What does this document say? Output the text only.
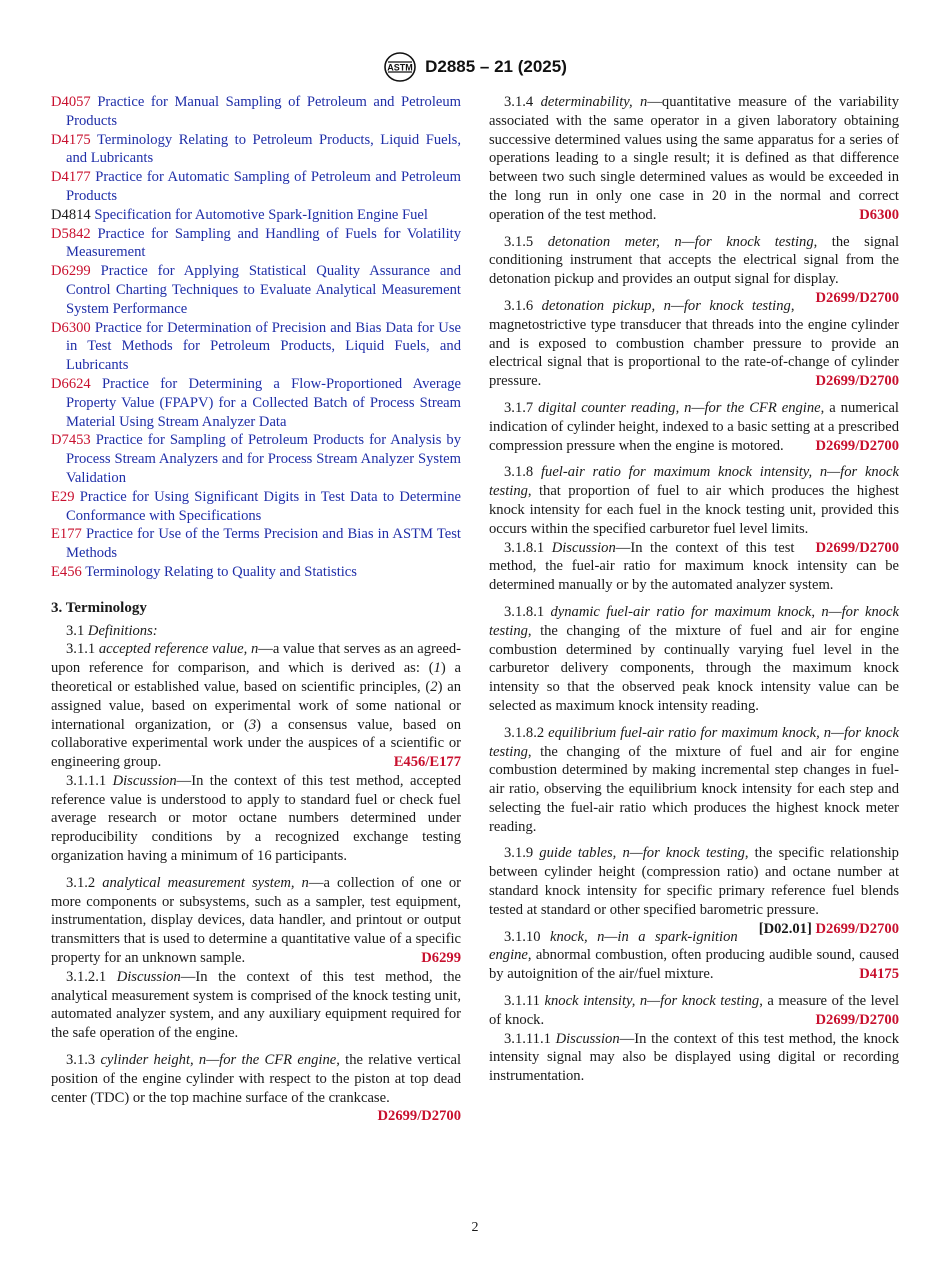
ASTM D2885 – 21 (2025)
D4057 Practice for Manual Sampling of Petroleum and Petroleum Products
D4175 Terminology Relating to Petroleum Products, Liquid Fuels, and Lubricants
D4177 Practice for Automatic Sampling of Petroleum and Petroleum Products
D4814 Specification for Automotive Spark-Ignition Engine Fuel
D5842 Practice for Sampling and Handling of Fuels for Volatility Measurement
D6299 Practice for Applying Statistical Quality Assurance and Control Charting Techniques to Evaluate Analytical Measurement System Performance
D6300 Practice for Determination of Precision and Bias Data for Use in Test Methods for Petroleum Products, Liquid Fuels, and Lubricants
D6624 Practice for Determining a Flow-Proportioned Average Property Value (FPAPV) for a Collected Batch of Process Stream Material Using Stream Analyzer Data
D7453 Practice for Sampling of Petroleum Products for Analysis by Process Stream Analyzers and for Process Stream Analyzer System Validation
E29 Practice for Using Significant Digits in Test Data to Determine Conformance with Specifications
E177 Practice for Use of the Terms Precision and Bias in ASTM Test Methods
E456 Terminology Relating to Quality and Statistics
3. Terminology

3.1 Definitions:

3.1.1 accepted reference value, n—a value that serves as an agreed-upon reference for comparison, and which is derived as: (1) a theoretical or established value, based on scientific principles, (2) an assigned value, based on experimental work of some national or international organization, or (3) a consensus value, based on collaborative experimental work under the auspices of a scientific or engineering group.	E456/E177

3.1.1.1 Discussion—In the context of this test method, accepted reference value is understood to apply to standard fuel or check fuel average research or motor octane numbers determined under reproducibility conditions by a recognized exchange testing organization having a minimum of 16 participants.

3.1.2 analytical measurement system, n—a collection of one or more components or subsystems, such as a sampler, test equipment, instrumentation, display devices, data handler, and printout or output transmitters that is used to determine a quantitative value of a specific property for an unknown sample.	D6299

3.1.2.1 Discussion—In the context of this test method, the analytical measurement system is comprised of the knock testing unit, automated analyzer system, and any auxiliary equipment required for the safe operation of the engine.

3.1.3 cylinder height, n—for the CFR engine, the relative vertical position of the engine cylinder with respect to the piston at top dead center (TDC) or the top machine surface of the crankcase.
D2699/D2700

3.1.4 determinability, n—quantitative measure of the variability associated with the same operator in a given laboratory obtaining successive determined values using the same apparatus for a series of operations leading to a single result; it is defined as that difference between two such single determined values as would be exceeded in the long run in only one case in 20 in the normal and correct operation of the test method.	D6300

3.1.5 detonation meter, n—for knock testing, the signal conditioning instrument that accepts the electrical signal from the detonation pickup and provides an output signal for display.
D2699/D2700

3.1.6 detonation pickup, n—for knock testing, magnetostrictive type transducer that threads into the engine cylinder and is exposed to combustion chamber pressure to provide an electrical signal that is proportional to the rate-of-change of cylinder pressure.	D2699/D2700

3.1.7 digital counter reading, n—for the CFR engine, a numerical indication of cylinder height, indexed to a basic setting at a prescribed compression pressure when the engine is motored.	D2699/D2700

3.1.8 fuel-air ratio for maximum knock intensity, n—for knock testing, that proportion of fuel to air which produces the highest knock intensity for each fuel in the knock testing unit, provided this occurs within the specified carburetor fuel level limits.
D2699/D2700

3.1.8.1 Discussion—In the context of this test method, the fuel-air ratio for maximum knock intensity can be determined manually or by the automated analyzer system.

3.1.8.1 dynamic fuel-air ratio for maximum knock, n—for knock testing, the changing of the mixture of fuel and air for engine combustion determined by continually varying fuel level in the carburetor delivery components, through the maximum knock intensity so that the observed peak knock intensity value can be selected as maximum knock intensity reading.

3.1.8.2 equilibrium fuel-air ratio for maximum knock, n—for knock testing, the changing of the mixture of fuel and air for engine combustion determined by making incremental step changes in fuel-air ratio, observing the equilibrium knock intensity for each step and selecting the fuel-air ratio which produces the highest knock meter reading.

3.1.9 guide tables, n—for knock testing, the specific relationship between cylinder height (compression ratio) and octane number at standard knock intensity for specific primary reference fuel blends tested at standard or other specified barometric pressure.
[D02.01] D2699/D2700

3.1.10 knock, n—in a spark-ignition engine, abnormal combustion, often producing audible sound, caused by autoignition of the air/fuel mixture.	D4175

3.1.11 knock intensity, n—for knock testing, a measure of the level of knock.	D2699/D2700

3.1.11.1 Discussion—In the context of this test method, the knock intensity signal may also be displayed using digital or recording instrumentation.

2
